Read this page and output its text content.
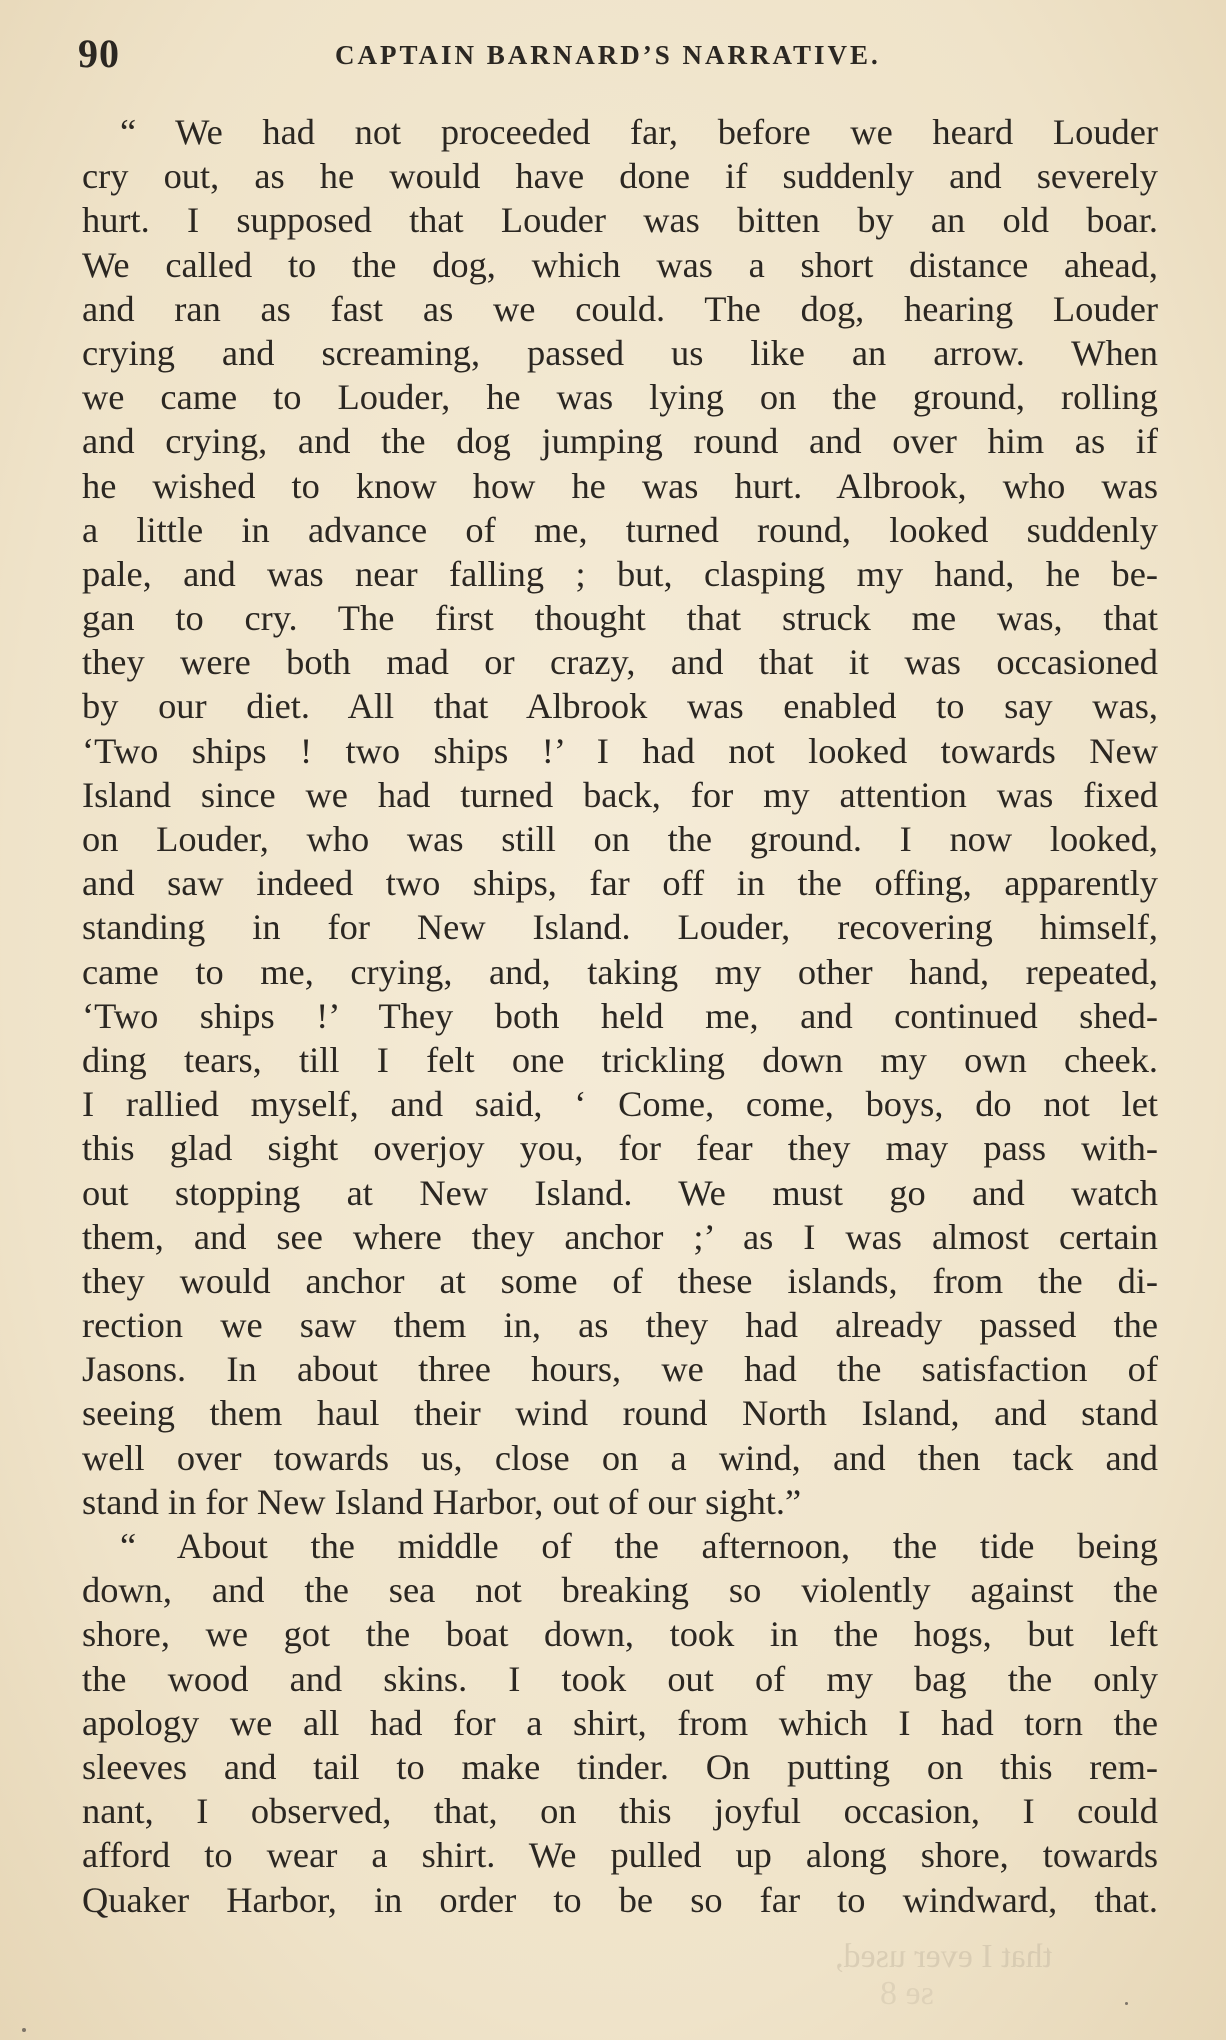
90	CAPTAIN BARNARD’S NARRATIVE.
“ We had not proceeded far, before we heard Louder
cry out, as he would have done if suddenly and severely
hurt. I supposed that Louder was bitten by an old boar.
We called to the dog, which was a short distance ahead,
and ran as fast as we could. The dog, hearing Louder
crying and screaming, passed us like an arrow. When
we came to Louder, he was lying on the ground, rolling
and crying, and the dog jumping round and over him as if
he wished to know how he was hurt. Albrook, who was
a little in advance of me, turned round, looked suddenly
pale, and was near falling ; but, clasping my hand, he be-
gan to cry. The first thought that struck me was, that
they were both mad or crazy, and that it was occasioned
by our diet. All that Albrook was enabled to say was,
‘Two ships ! two ships !’ I had not looked towards New
Island since we had turned back, for my attention was fixed
on Louder, who was still on the ground. I now looked,
and saw indeed two ships, far off in the offing, apparently
standing in for New Island. Louder, recovering himself,
came to me, crying, and, taking my other hand, repeated,
‘Two ships !’ They both held me, and continued shed-
ding tears, till I felt one trickling down my own cheek.
I rallied myself, and said, ‘ Come, come, boys, do not let
this glad sight overjoy you, for fear they may pass with-
out stopping at New Island. We must go and watch
them, and see where they anchor ;’ as I was almost certain
they would anchor at some of these islands, from the di-
rection we saw them in, as they had already passed the
Jasons. In about three hours, we had the satisfaction of
seeing them haul their wind round North Island, and stand
well over towards us, close on a wind, and then tack and
stand in for New Island Harbor, out of our sight.”
“ About the middle of the afternoon, the tide being
down, and the sea not breaking so violently against the
shore, we got the boat down, took in the hogs, but left
the wood and skins. I took out of my bag the only
apology we all had for a shirt, from which I had torn the
sleeves and tail to make tinder. On putting on this rem-
nant, I observed, that, on this joyful occasion, I could
afford to wear a shirt. We pulled up along shore, towards
Quaker Harbor, in order to be so far to windward, that.
that I ever used,
se 8
